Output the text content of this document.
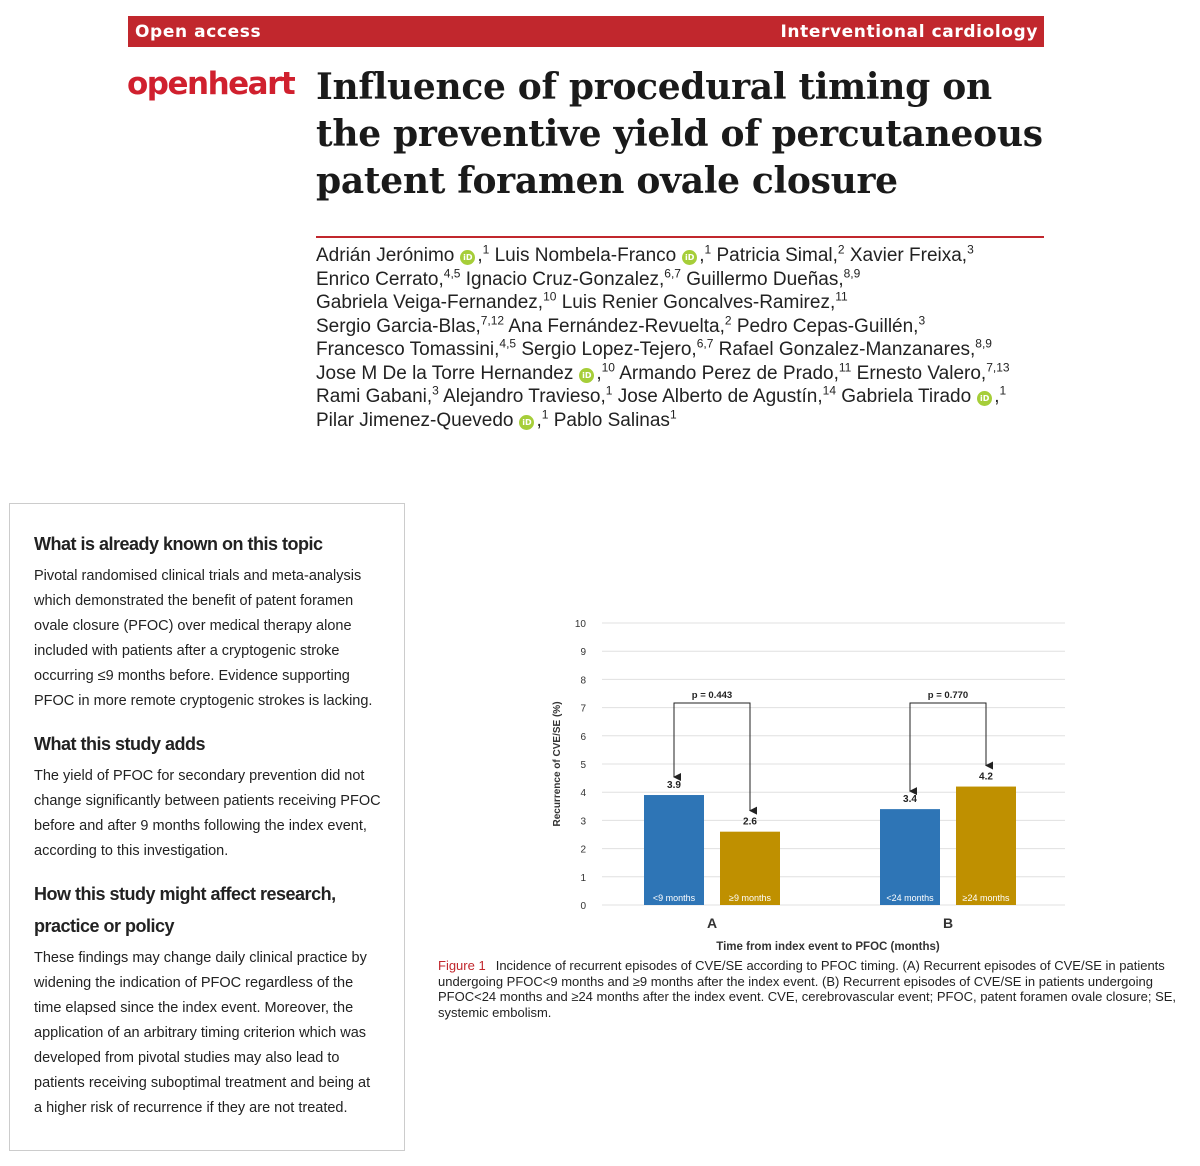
Open access	Interventional cardiology
openheart Influence of procedural timing on the preventive yield of percutaneous patent foramen ovale closure
Adrián Jerónimo iD ,$^1$ Luis Nombela-Franco iD ,$^1$ Patricia Simal,$^2$ Xavier Freixa,$^3$
Enrico Cerrato,$^{4,5}$ Ignacio Cruz-Gonzalez,$^{6,7}$ Guillermo Dueñas,$^{8,9}$
Gabriela Veiga-Fernandez,$^{10}$ Luis Renier Goncalves-Ramirez,$^{11}$
Sergio Garcia-Blas,$^{7,12}$ Ana Fernández-Revuelta,$^2$ Pedro Cepas-Guillén,$^3$
Francesco Tomassini,$^{4,5}$ Sergio Lopez-Tejero,$^{6,7}$ Rafael Gonzalez-Manzanares,$^{8,9}$
Jose M De la Torre Hernandez iD ,$^{10}$ Armando Perez de Prado,$^{11}$ Ernesto Valero,$^{7,13}$
Rami Gabani,$^3$ Alejandro Travieso,$^1$ Jose Alberto de Agustín,$^{14}$ Gabriela Tirado iD ,$^1$
Pilar Jimenez-Quevedo iD ,$^1$ Pablo Salinas$^1$
What is already known on this topic

Pivotal randomised clinical trials and meta-analysis which demonstrated the benefit of patent foramen ovale closure (PFOC) over medical therapy alone included with patients after a cryptogenic stroke occurring ≤9 months before. Evidence supporting PFOC in more remote cryptogenic strokes is lacking.

What this study adds

The yield of PFOC for secondary prevention did not change significantly between patients receiving PFOC before and after 9 months following the index event, according to this investigation.

How this study might affect research, practice or policy

These findings may change daily clinical practice by widening the indication of PFOC regardless of the time elapsed since the index event. Moreover, the application of an arbitrary timing criterion which was developed from pivotal studies may also lead to patients receiving suboptimal treatment and being at a higher risk of recurrence if they are not treated.

0
1
2
3
4
5
6
7
8
9
10
Recurrence of CVE/SE (%)
Time from index event to PFOC (months)
3.9
<9 months
2.6
≥9 months
p = 0.443
A
3.4
<24 months
4.2
≥24 months
p = 0.770
B
Figure 1 Incidence of recurrent episodes of CVE/SE according to PFOC timing. (A) Recurrent episodes of CVE/SE in patients undergoing PFOC<9 months and ≥9 months after the index event. (B) Recurrent episodes of CVE/SE in patients undergoing PFOC<24 months and ≥24 months after the index event. CVE, cerebrovascular event; PFOC, patent foramen ovale closure; SE, systemic embolism.
